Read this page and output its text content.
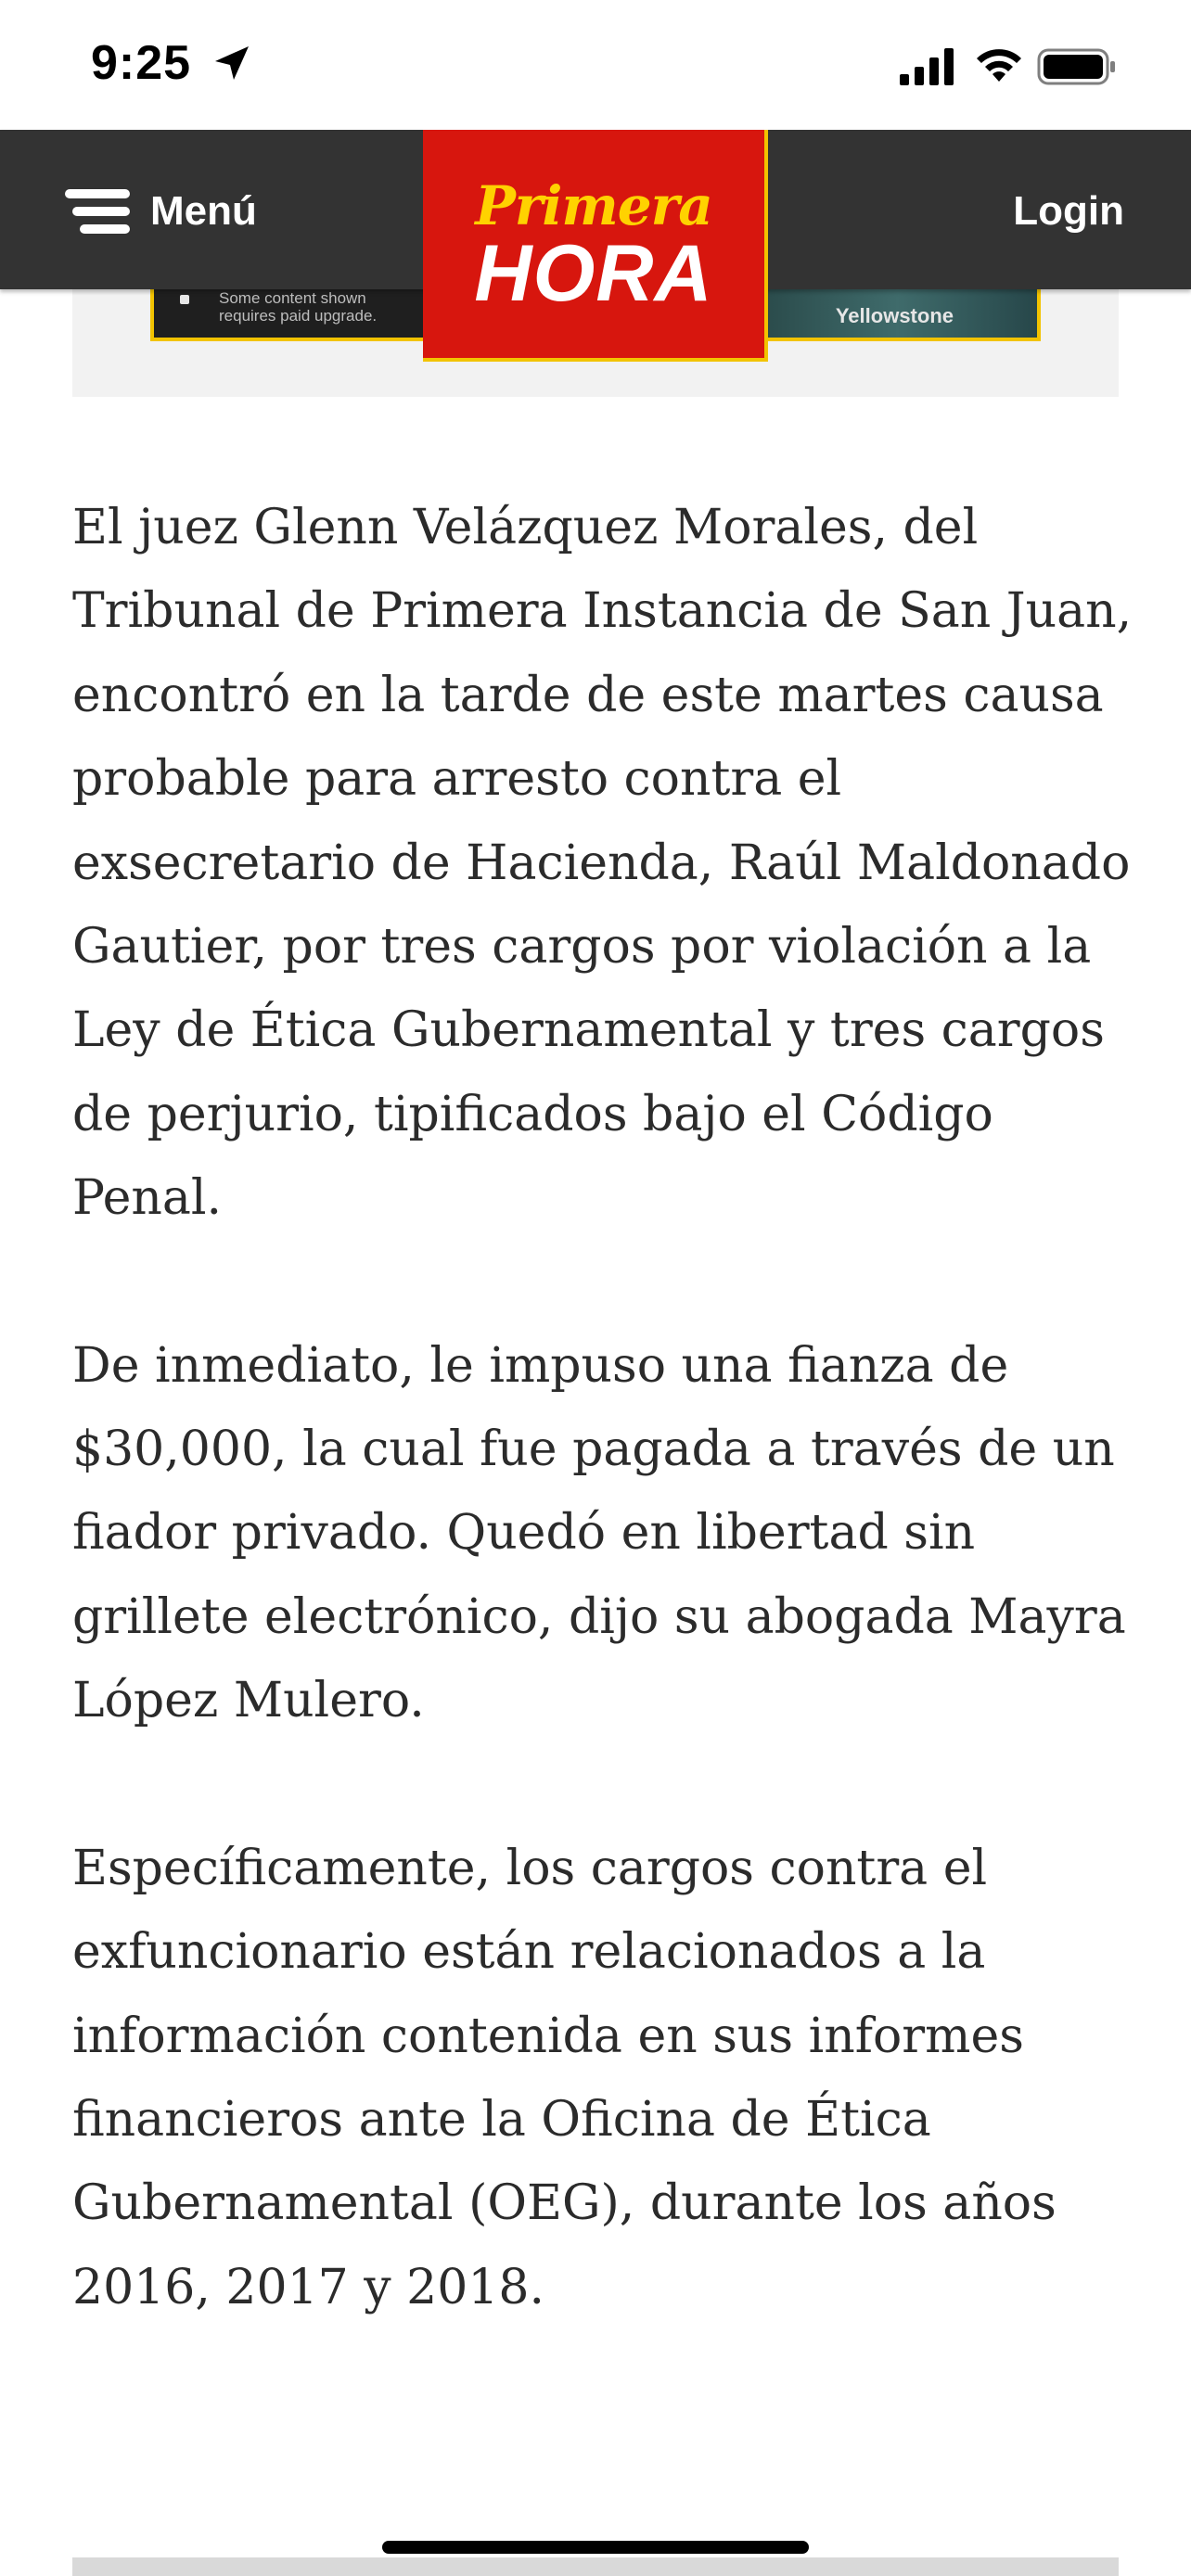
9:25
Menú	Primera
HORA
Login
Some content shown
requires paid upgrade.	Yellowstone

El juez Glenn Velázquez Morales, del Tribunal de Primera Instancia de San Juan, encontró en la tarde de este martes causa probable para arresto contra el exsecretario de Hacienda, Raúl Maldonado Gautier, por tres cargos por violación a la Ley de Ética Gubernamental y tres cargos de perjurio, tipificados bajo el Código Penal.

De inmediato, le impuso una fianza de $30,000, la cual fue pagada a través de un fiador privado. Quedó en libertad sin grillete electrónico, dijo su abogada Mayra López Mulero.

Específicamente, los cargos contra el exfuncionario están relacionados a la información contenida en sus informes financieros ante la Oficina de Ética Gubernamental (OEG), durante los años 2016, 2017 y 2018.
